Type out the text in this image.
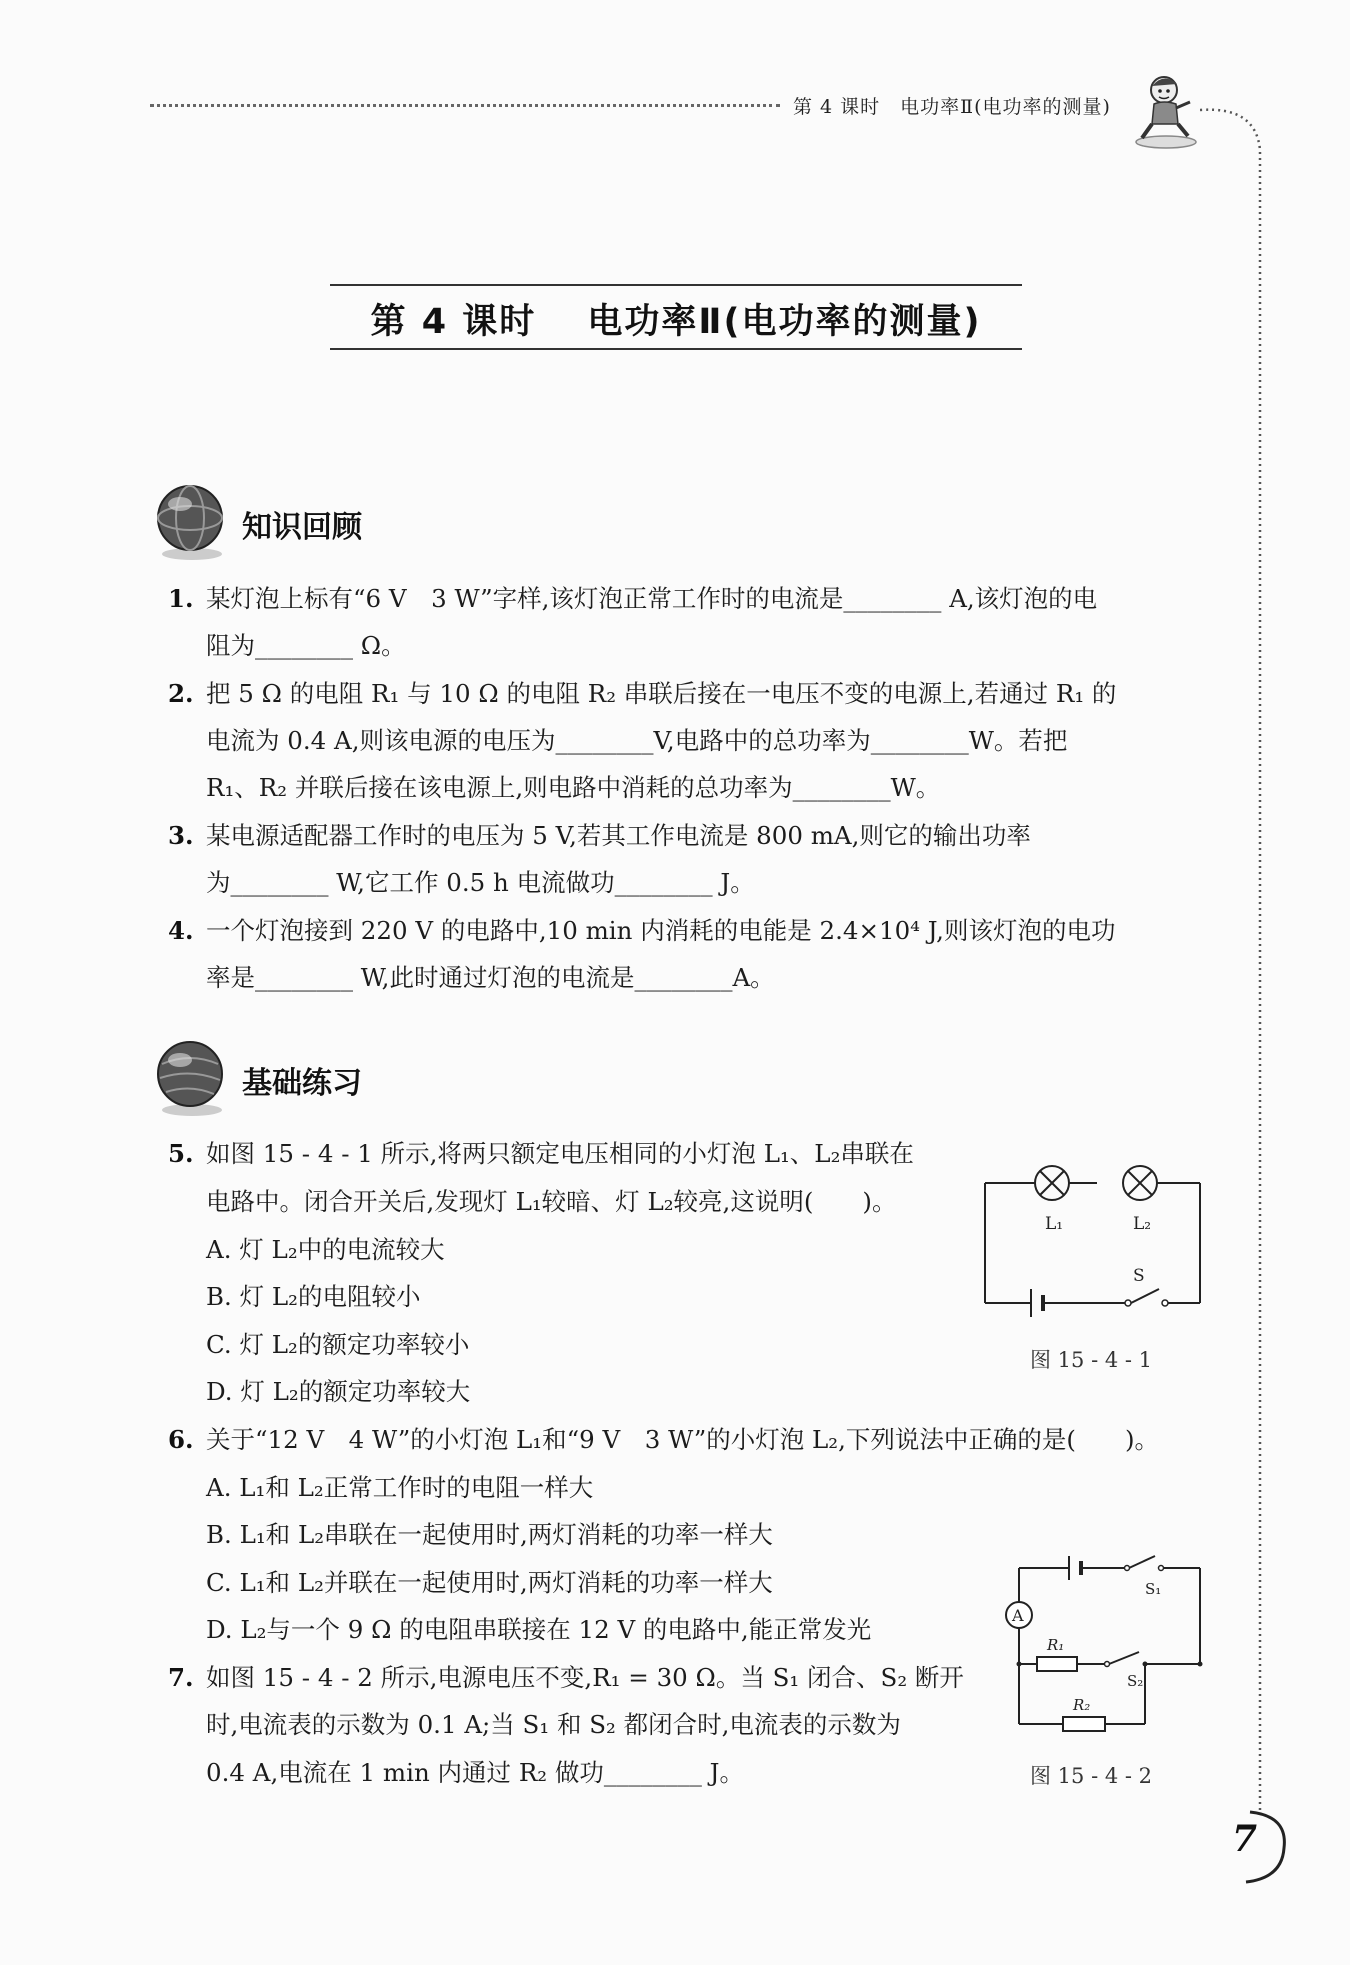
第 4 课时　电功率Ⅱ(电功率的测量)
第 4 课时　 电功率Ⅱ(电功率的测量)
知识回顾
1. 某灯泡上标有“6 V　3 W”字样,该灯泡正常工作时的电流是________ A,该灯泡的电
阻为________ Ω。
2. 把 5 Ω 的电阻 R₁ 与 10 Ω 的电阻 R₂ 串联后接在一电压不变的电源上,若通过 R₁ 的
电流为 0.4 A,则该电源的电压为________V,电路中的总功率为________W。若把
R₁、R₂ 并联后接在该电源上,则电路中消耗的总功率为________W。
3. 某电源适配器工作时的电压为 5 V,若其工作电流是 800 mA,则它的输出功率
为________ W,它工作 0.5 h 电流做功________ J。
4. 一个灯泡接到 220 V 的电路中,10 min 内消耗的电能是 2.4×10⁴ J,则该灯泡的电功
率是________ W,此时通过灯泡的电流是________A。
基础练习
5. 如图 15 - 4 - 1 所示,将两只额定电压相同的小灯泡 L₁、L₂串联在
电路中。闭合开关后,发现灯 L₁较暗、灯 L₂较亮,这说明(　　)。
A. 灯 L₂中的电流较大
B. 灯 L₂的电阻较小
C. 灯 L₂的额定功率较小
D. 灯 L₂的额定功率较大
L₁	L₂
S
图 15 - 4 - 1
6. 关于“12 V　4 W”的小灯泡 L₁和“9 V　3 W”的小灯泡 L₂,下列说法中正确的是(　　)。
A. L₁和 L₂正常工作时的电阻一样大
B. L₁和 L₂串联在一起使用时,两灯消耗的功率一样大
C. L₁和 L₂并联在一起使用时,两灯消耗的功率一样大
D. L₂与一个 9 Ω 的电阻串联接在 12 V 的电路中,能正常发光	A
R₁
R₂
S₁
S₂
图 15 - 4 - 2
7. 如图 15 - 4 - 2 所示,电源电压不变,R₁ = 30 Ω。当 S₁ 闭合、S₂ 断开
时,电流表的示数为 0.1 A;当 S₁ 和 S₂ 都闭合时,电流表的示数为
0.4 A,电流在 1 min 内通过 R₂ 做功________ J。
7
